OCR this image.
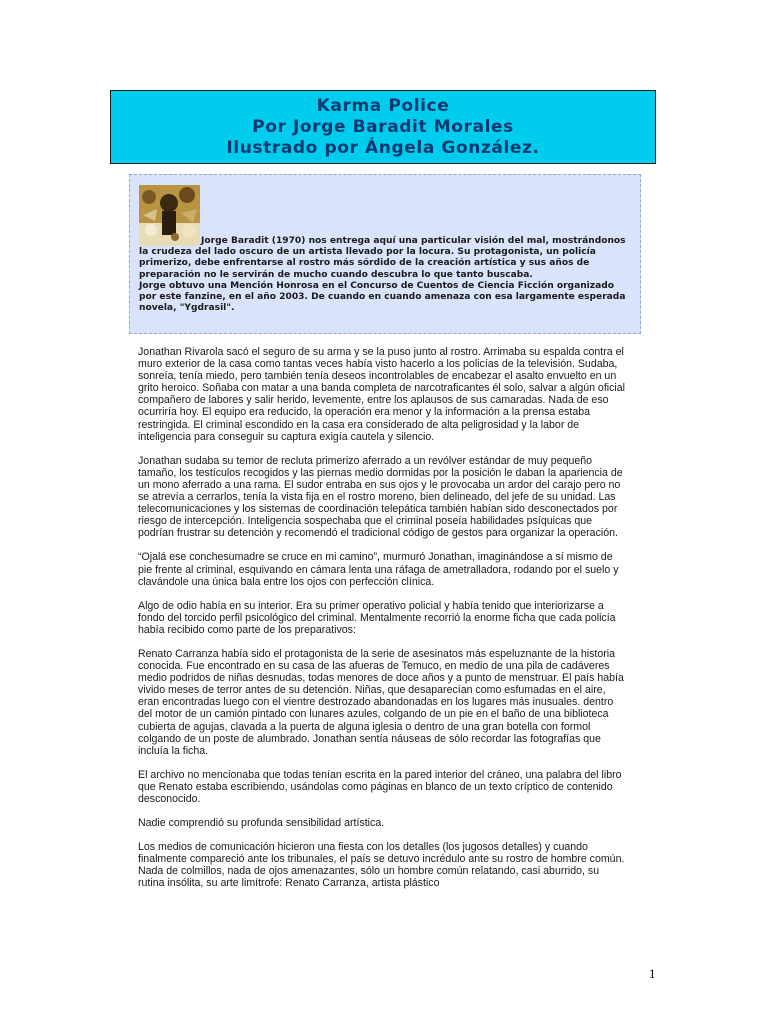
Karma Police
Por Jorge Baradit Morales
Ilustrado por Ángela González.
Jorge Baradit (1970) nos entrega aquí una particular visión del mal, mostrándonos la crudeza del lado oscuro de un artista llevado por la locura. Su protagonista, un policía primerizo, debe enfrentarse al rostro más sórdido de la creación artística y sus años de preparación no le servirán de mucho cuando descubra lo que tanto buscaba.
Jorge obtuvo una Mención Honrosa en el Concurso de Cuentos de Ciencia Ficción organizado por este fanzine, en el año 2003. De cuando en cuando amenaza con esa largamente esperada novela, "Ygdrasil".

Jonathan Rivarola sacó el seguro de su arma y se la puso junto al rostro. Arrimaba su espalda contra el muro exterior de la casa como tantas veces había visto hacerlo a los policías de la televisión. Sudaba, sonreía, tenía miedo, pero también tenía deseos incontrolables de encabezar el asalto envuelto en un grito heroico. Soñaba con matar a una banda completa de narcotraficantes él solo, salvar a algún oficial compañero de labores y salir herido, levemente, entre los aplausos de sus camaradas. Nada de eso ocurriría hoy. El equipo era reducido, la operación era menor y la información a la prensa estaba restringida. El criminal escondido en la casa era considerado de alta peligrosidad y la labor de inteligencia para conseguir su captura exigía cautela y silencio.

Jonathan sudaba su temor de recluta primerizo aferrado a un revólver estándar de muy pequeño tamaño, los testículos recogidos y las piernas medio dormidas por la posición le daban la apariencia de un mono aferrado a una rama. El sudor entraba en sus ojos y le provocaba un ardor del carajo pero no se atrevía a cerrarlos, tenía la vista fija en el rostro moreno, bien delineado, del jefe de su unidad. Las telecomunicaciones y los sistemas de coordinación telepática también habían sido desconectados por riesgo de intercepción. Inteligencia sospechaba que el criminal poseía habilidades psíquicas que podrían frustrar su detención y recomendó el tradicional código de gestos para organizar la operación.

“Ojalá ese conchesumadre se cruce en mi camino”, murmuró Jonathan, imaginándose a sí mismo de pie frente al criminal, esquivando en cámara lenta una ráfaga de ametralladora, rodando por el suelo y clavándole una única bala entre los ojos con perfección clínica.

Algo de odio había en su interior. Era su primer operativo policial y había tenido que interiorizarse a fondo del torcido perfil psicológico del criminal. Mentalmente recorrió la enorme ficha que cada policía había recibido como parte de los preparativos:

Renato Carranza había sido el protagonista de la serie de asesinatos más espeluznante de la historia conocida. Fue encontrado en su casa de las afueras de Temuco, en medio de una pila de cadáveres medio podridos de niñas desnudas, todas menores de doce años y a punto de menstruar. El país había vivido meses de terror antes de su detención. Niñas, que desaparecían como esfumadas en el aire, eran encontradas luego con el vientre destrozado abandonadas en los lugares más inusuales. dentro del motor de un camión pintado con lunares azules, colgando de un pie en el baño de una biblioteca cubierta de agujas, clavada a la puerta de alguna iglesia o dentro de una gran botella con formol colgando de un poste de alumbrado. Jonathan sentía náuseas de sólo recordar las fotografías que incluía la ficha.

El archivo no mencionaba que todas tenían escrita en la pared interior del cráneo, una palabra del libro que Renato estaba escribiendo, usándolas como páginas en blanco de un texto críptico de contenido desconocido.

Nadie comprendió su profunda sensibilidad artística.

Los medios de comunicación hicieron una fiesta con los detalles (los jugosos detalles) y cuando finalmente compareció ante los tribunales, el país se detuvo incrédulo ante su rostro de hombre común. Nada de colmillos, nada de ojos amenazantes, sólo un hombre común relatando, casi aburrido, su rutina insólita, su arte limítrofe: Renato Carranza, artista plástico

1
